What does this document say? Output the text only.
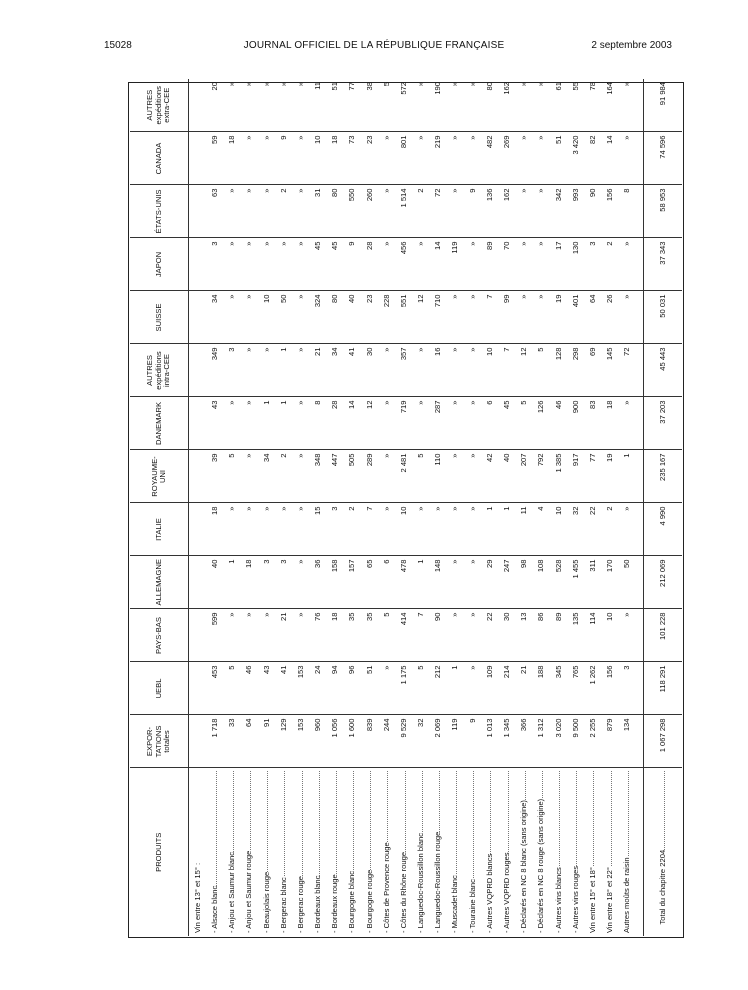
15028	JOURNAL OFFICIEL DE LA RÉPUBLIQUE FRANÇAISE	2 septembre 2003
PRODUITS	EXPOR-TATIONS totales	UEBL	PAYS-BAS	ALLEMAGNE	ITALIE	ROYAUME-UNI	DANEMARK	AUTRES expéditions intra-CEE	SUISSE	JAPON	ÉTATS-UNIS	CANADA	AUTRES expéditions extra-CEE
Vin entre 13° et 15° :													

- Alsace blanc	1 718	453	599	40	18	39	43	349	34	3	63	59	20

- Anjou et Saumur blanc	33	5	»	1	»	5	»	3	»	»	»	18	»

- Anjou et Saumur rouge	64	46	»	18	»	»	»	»	»	»	»	»	»

- Beaujolais rouge	91	43	»	3	»	34	1	»	10	»	»	»	»

- Bergerac blanc	129	41	21	3	»	2	1	1	50	»	2	9	»

- Bergerac rouge	153	153	»	»	»	»	»	»	»	»	»	»	»

- Bordeaux blanc	960	24	76	36	15	348	8	21	324	45	31	10	11

- Bordeaux rouge	1 056	94	18	158	3	447	28	34	80	45	80	18	51

- Bourgogne blanc	1 600	96	35	157	2	505	14	41	40	9	550	73	77

- Bourgogne rouge	839	51	35	65	7	289	12	30	23	28	260	23	38

- Côtes de Provence rouge	244	»	5	6	»	»	»	»	228	»	»	»	5

- Côtes du Rhône rouge	9 529	1 175	414	478	10	2 481	719	357	551	456	1 514	801	572

- Languedoc-Roussillon blanc	32	5	7	1	»	5	»	»	12	»	2	»	»

- Languedoc-Roussillon rouge	2 069	212	90	148	»	110	287	16	710	14	72	219	190

- Muscadet blanc	119	1	»	»	»	»	»	»	»	119	»	»	»

- Touraine blanc	9	»	»	»	»	»	»	»	»	»	9	»	»

- Autres VQPRD blancs	1 013	109	22	29	1	42	6	10	7	89	136	482	80

- Autres VQPRD rouges	1 345	214	30	247	1	40	45	7	99	70	162	269	162

- Déclarés en NC 8 blanc (sans origine)	366	21	13	98	11	207	5	12	»	»	»	»	»

- Déclarés en NC 8 rouge (sans origine)	1 312	188	86	108	4	792	126	5	»	»	»	»	»

- Autres vins blancs	3 020	345	89	528	10	1 385	46	128	19	17	342	51	61

- Autres vins rouges	9 500	765	135	1 455	32	917	900	298	401	130	993	3 420	55

Vin entre 15° et 18°	2 255	1 262	114	311	22	77	83	69	64	3	90	82	78

Vin entre 18° et 22°	879	156	10	170	2	19	18	145	26	2	156	14	164

Autres moûts de raisin	134	3	»	50	»	1	»	72	»	»	8	»	»

Total du chapitre 2204	1 067 298	118 291	101 228	212 069	4 990	235 167	37 203	45 443	50 031	37 343	58 953	74 596	91 984
